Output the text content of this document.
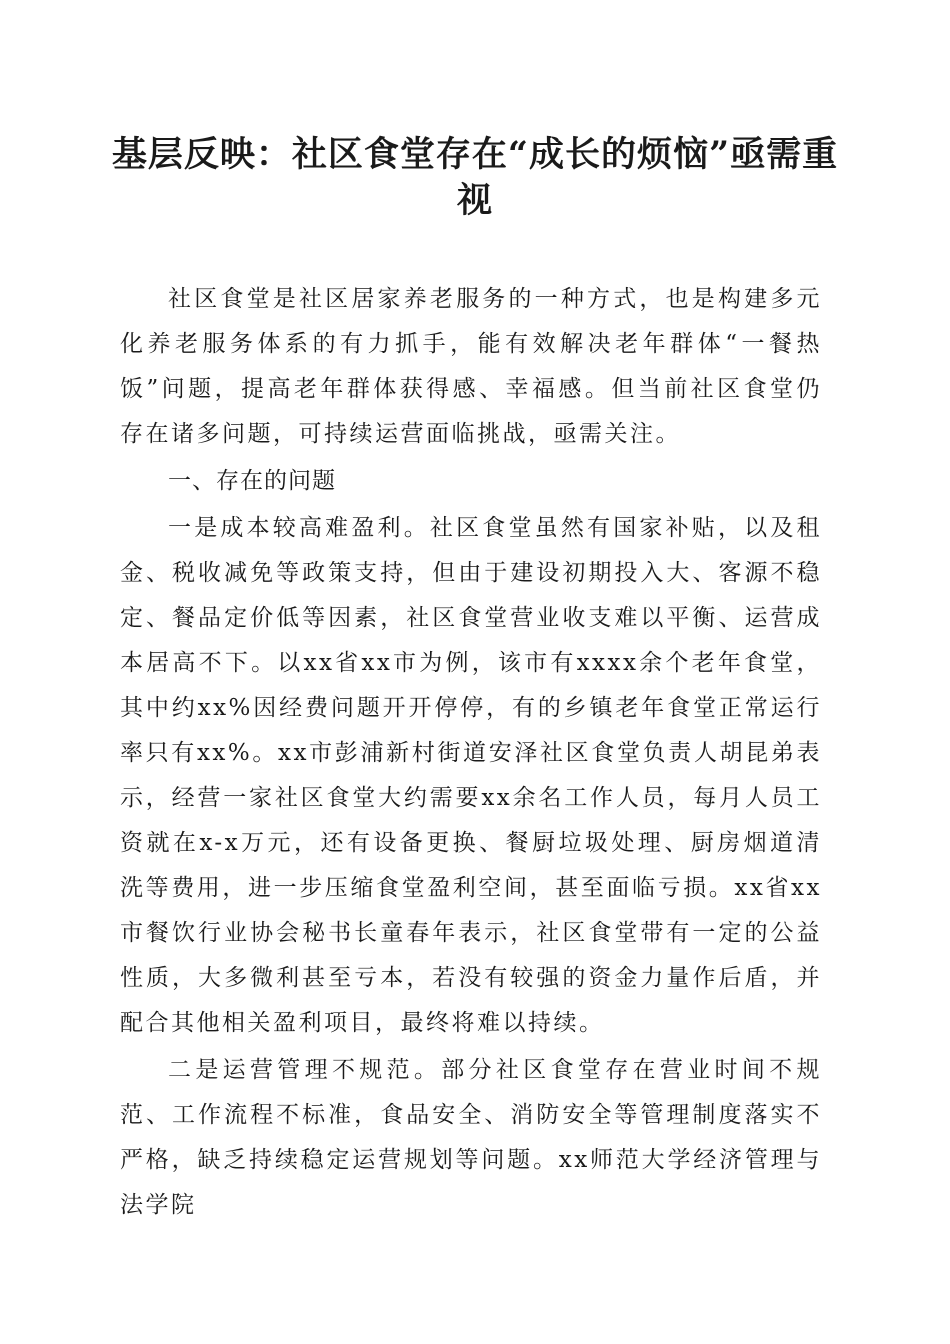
基层反映：社区食堂存在“成长的烦恼”亟需重视

社区食堂是社区居家养老服务的一种方式，也是构建多元化养老服务体系的有力抓手，能有效解决老年群体“一餐热饭”问题，提高老年群体获得感、幸福感。但当前社区食堂仍存在诸多问题，可持续运营面临挑战，亟需关注。

一、存在的问题

一是成本较高难盈利。社区食堂虽然有国家补贴，以及租金、税收减免等政策支持，但由于建设初期投入大、客源不稳定、餐品定价低等因素，社区食堂营业收支难以平衡、运营成本居高不下。以xx省xx市为例，该市有xxxx余个老年食堂，其中约xx%因经费问题开开停停，有的乡镇老年食堂正常运行率只有xx%。xx市彭浦新村街道安泽社区食堂负责人胡昆弟表示，经营一家社区食堂大约需要xx余名工作人员，每月人员工资就在x-x万元，还有设备更换、餐厨垃圾处理、厨房烟道清洗等费用，进一步压缩食堂盈利空间，甚至面临亏损。xx省xx市餐饮行业协会秘书长童春年表示，社区食堂带有一定的公益性质，大多微利甚至亏本，若没有较强的资金力量作后盾，并配合其他相关盈利项目，最终将难以持续。

二是运营管理不规范。部分社区食堂存在营业时间不规范、工作流程不标准，食品安全、消防安全等管理制度落实不严格，缺乏持续稳定运营规划等问题。xx师范大学经济管理与法学院
